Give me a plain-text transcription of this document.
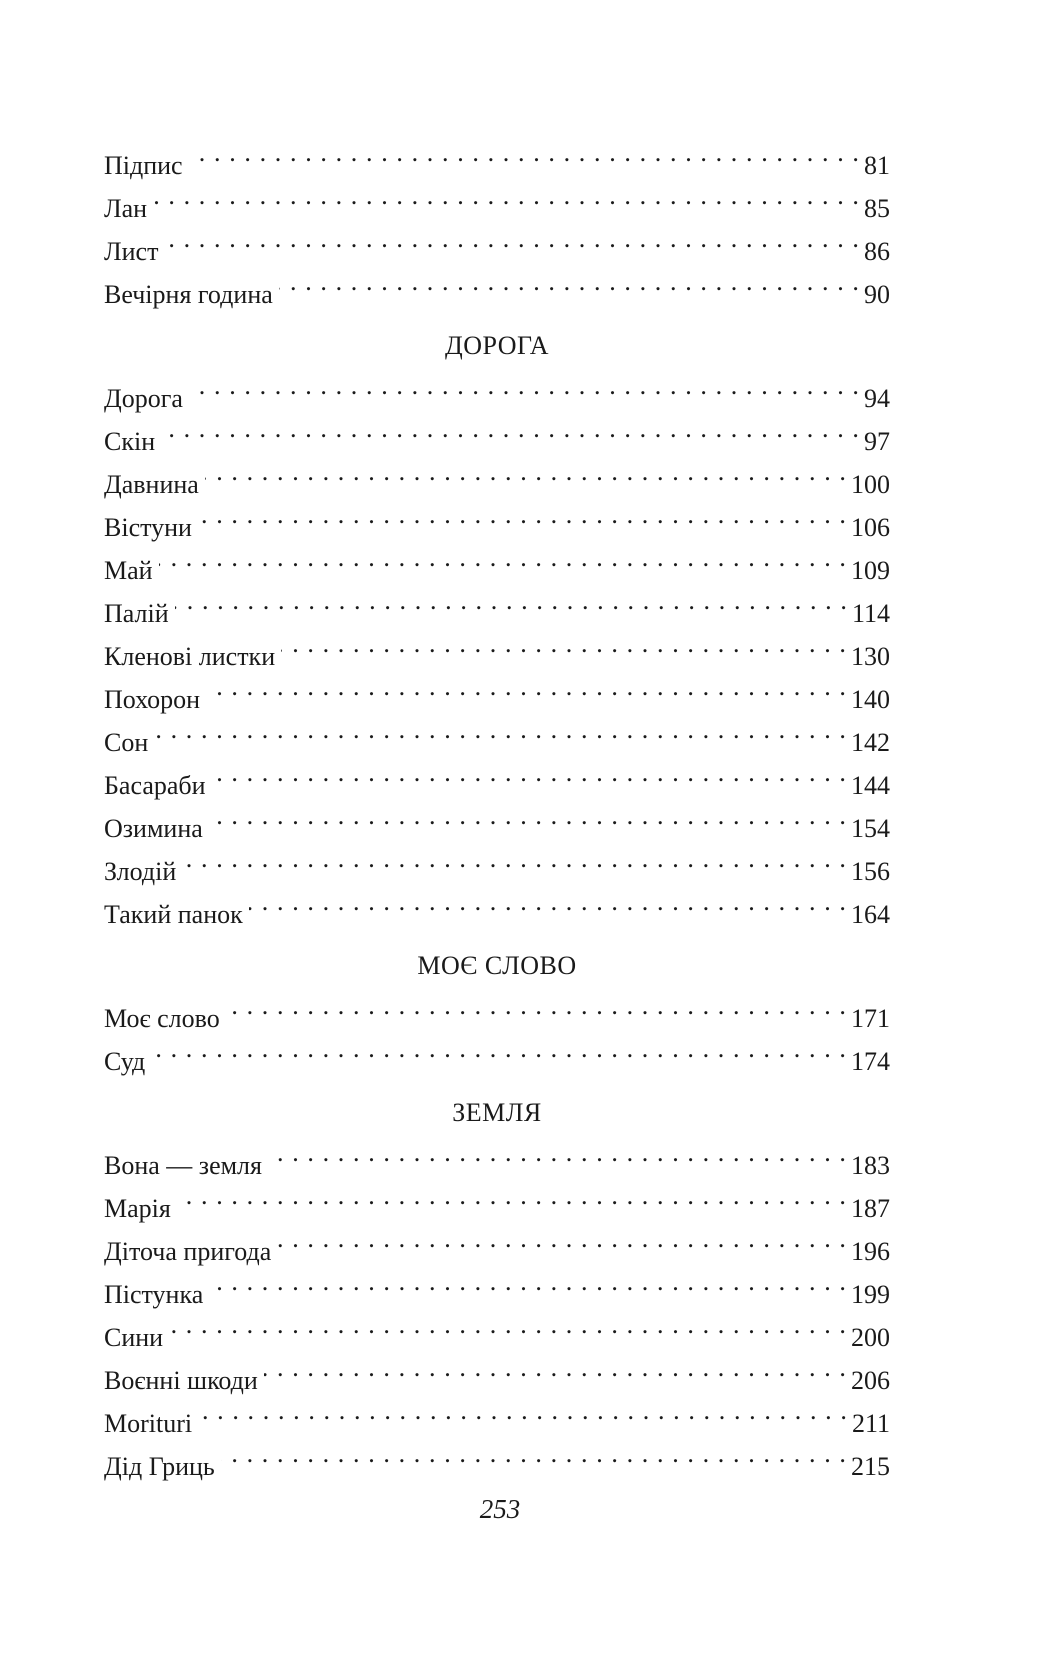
Підпис . . .	81
Лан . . .	85
Лист . . .	86
Вечірня година . . .	90
ДОРОГА
Дорога . . .	94
Скін . . .	97
Давнина . . .	100
Вістуни . . .	106
Май . . .	109
Палій . . .	114
Кленові листки . . .	130
Похорон . . .	140
Сон . . .	142
Басараби . . .	144
Озимина . . .	154
Злодій . . .	156
Такий панок . . .	164
МОЄ СЛОВО
Моє слово . . .	171
Суд . . .	174
ЗЕМЛЯ
Вона — земля . . .	183
Марія . . .	187
Діточа пригода . . .	196
Пістунка . . .	199
Сини . . .	200
Воєнні шкоди . . .	206
Morituri . . .	211
Дід Гриць . . .	215
253
